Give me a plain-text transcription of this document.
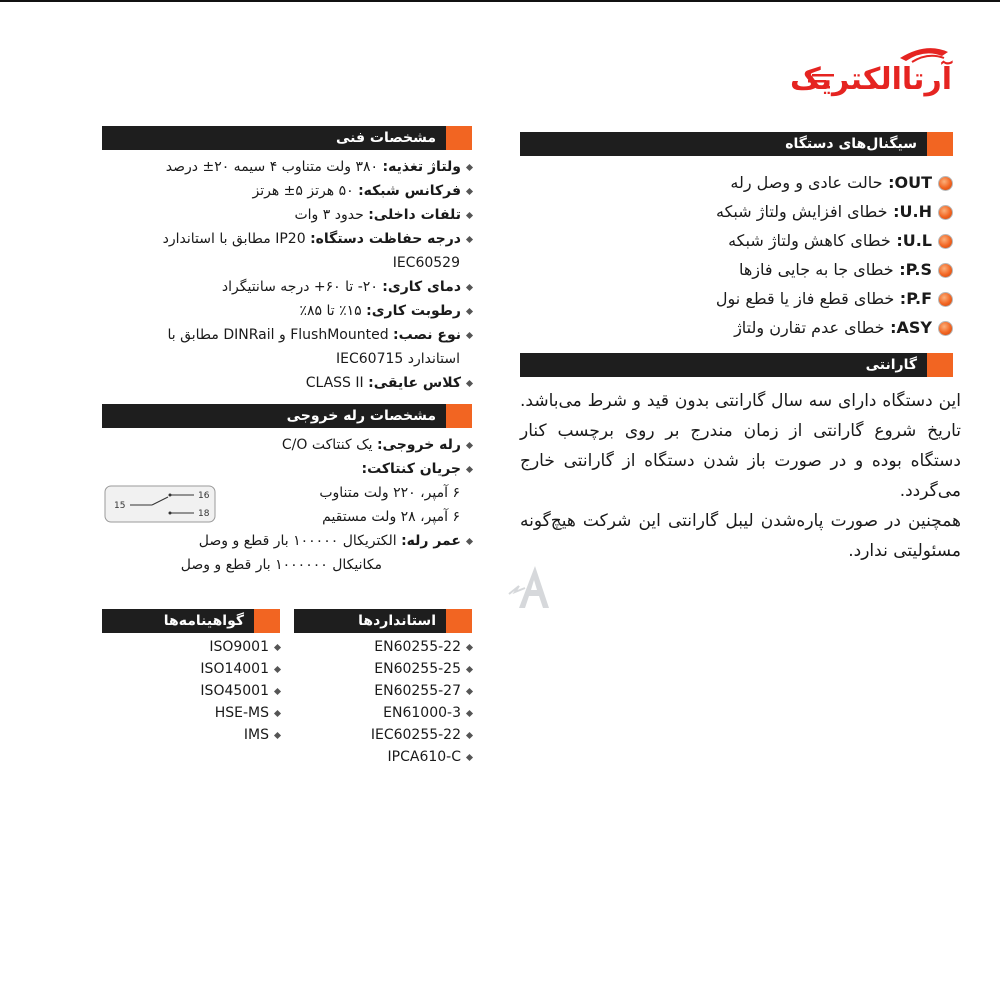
آرتاالکتریک
سیگنال‌های دستگاه
OUT: حالت عادی و وصل رله
U.H: خطای افزایش ولتاژ شبکه
U.L: خطای کاهش ولتاژ شبکه
P.S: خطای جا به جایی فازها
P.F: خطای قطع فاز یا قطع نول
ASY: خطای عدم تقارن ولتاژ
گارانتی

این دستگاه دارای سه سال گارانتی بدون قید و شرط می‌باشد. تاریخ شروع گارانتی از زمان مندرج بر روی برچسب کنار دستگاه بوده و در صورت باز شدن دستگاه از گارانتی خارج می‌گردد.

همچنین در صورت پاره‌شدن لیبل گارانتی این شرکت هیچ‌گونه مسئولیتی ندارد.

مشخصات فنی
ولتاژ تغذیه: ۳۸۰ ولت متناوب ۴ سیمه ۲۰± درصد
فرکانس شبکه: ۵۰ هرتز ۵± هرتز
تلفات داخلی: حدود ۳ وات
درجه حفاظت دستگاه: IP20 مطابق با استاندارد
IEC60529
دمای کاری: ۲۰- تا ۶۰+ درجه سانتیگراد
رطوبت کاری: ۱۵٪ تا ۸۵٪
نوع نصب: FlushMounted و DINRail مطابق با
استاندارد IEC60715
کلاس عایقی: CLASS II
مشخصات رله خروجی
رله خروجی: یک کنتاکت C/O
جریان کنتاکت:
۶ آمپر، ۲۲۰ ولت متناوب
۶ آمپر، ۲۸ ولت مستقیم
عمر رله: الکتریکال ۱۰۰۰۰۰ بار قطع و وصل
مکانیکال ۱۰۰۰۰۰۰ بار قطع و وصل
15
16
18
استانداردها
EN60255-22
EN60255-25
EN60255-27
EN61000-3
IEC60255-22
IPCA610-C
گواهینامه‌ها
ISO9001
ISO14001
ISO45001
HSE-MS
IMS
